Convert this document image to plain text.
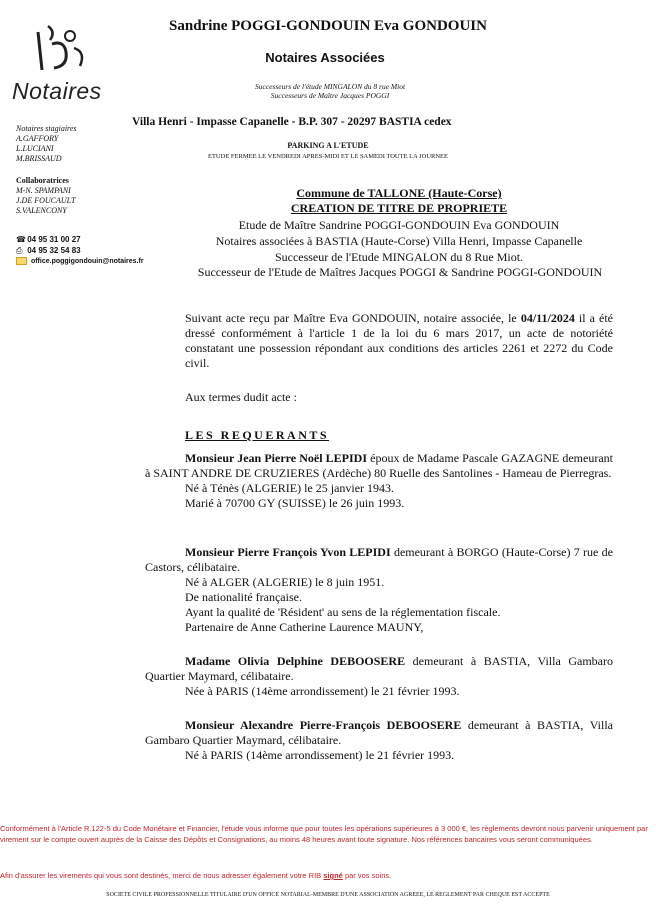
Notaires
Sandrine POGGI-GONDOUIN Eva GONDOUIN
Notaires Associées
Successeurs de l'étude MINGALON du 8 rue Miot
Successeurs de Maître Jacques POGGI
Villa Henri - Impasse Capanelle - B.P. 307 - 20297 BASTIA cedex
PARKING A L'ETUDE
ETUDE FERMEE LE VENDREDI APRES-MIDI ET LE SAMEDI TOUTE LA JOURNEE
Notaires stagiaires
A.GAFFORY
L.LUCIANI
M.BRISSAUD
Collaboratrices
M-N. SPAMPANI
J.DE FOUCAULT
S.VALENCONY
☎ 04 95 31 00 27
⎙ 04 95 32 54 83
office.poggigondouin@notaires.fr
Commune de TALLONE (Haute-Corse)
CREATION DE TITRE DE PROPRIETE
Etude de Maître Sandrine POGGI-GONDOUIN Eva GONDOUIN
Notaires associées à BASTIA (Haute-Corse) Villa Henri, Impasse Capanelle
Successeur de l'Etude MINGALON du 8 Rue Miot.
Successeur de l'Etude de Maîtres Jacques POGGI & Sandrine POGGI-GONDOUIN
Suivant acte reçu par Maître Eva GONDOUIN, notaire associée, le 04/11/2024 il a été dressé conformément à l'article 1 de la loi du 6 mars 2017, un acte de notoriété constatant une possession répondant aux conditions des articles 2261 et 2272 du Code civil.
Aux termes dudit acte :
LES REQUERANTS

Monsieur Jean Pierre Noël LEPIDI époux de Madame Pascale GAZAGNE demeurant à SAINT ANDRE DE CRUZIERES (Ardèche) 80 Ruelle des Santolines - Hameau de Pierregras.

Né à Ténès (ALGERIE) le 25 janvier 1943.
Marié à 70700 GY (SUISSE) le 26 juin 1993.

Monsieur Pierre François Yvon LEPIDI demeurant à BORGO (Haute-Corse) 7 rue de Castors, célibataire.

Né à ALGER (ALGERIE) le 8 juin 1951.
De nationalité française.
Ayant la qualité de 'Résident' au sens de la réglementation fiscale.
Partenaire de Anne Catherine Laurence MAUNY,

Madame Olivia Delphine DEBOOSERE demeurant à BASTIA, Villa Gambaro Quartier Maymard, célibataire.

Née à PARIS (14ème arrondissement) le 21 février 1993.

Monsieur Alexandre Pierre-François DEBOOSERE demeurant à BASTIA, Villa Gambaro Quartier Maymard, célibataire.

Né à PARIS (14ème arrondissement) le 21 février 1993.
Conformément à l'Article R.122-5 du Code Monétaire et Financier, l'étude vous informe que pour toutes les opérations supérieures à 3 000 €, les règlements devront nous parvenir uniquement par virement sur le compte ouvert auprès de la Caisse des Dépôts et Consignations, au moins 48 heures avant toute signature. Nos références bancaires vous seront communiquées.
Afin d'assurer les virements qui vous sont destinés, merci de nous adresser également votre RIB signé par vos soins.
SOCIETE CIVILE PROFESSIONNELLE TITULAIRE D'UN OFFICE NOTARIAL-MEMBRE D'UNE ASSOCIATION AGREEE, LE REGLEMENT PAR CHEQUE EST ACCEPTE
